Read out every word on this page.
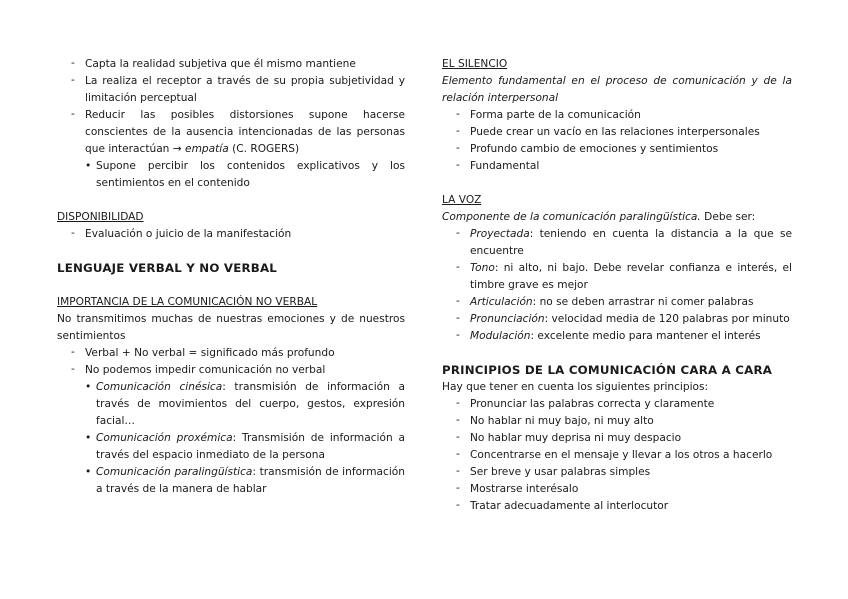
- Capta la realidad subjetiva que él mismo mantiene
- La realiza el receptor a través de su propia subjetividad y limitación perceptual
- Reducir las posibles distorsiones supone hacerse conscientes de la ausencia intencionadas de las personas que interactúan → empatía (C. ROGERS)
• Supone percibir los contenidos explicativos y los sentimientos en el contenido

DISPONIBILIDAD

- Evaluación o juicio de la manifestación

LENGUAJE VERBAL Y NO VERBAL

IMPORTANCIA DE LA COMUNICACIÓN NO VERBAL

No transmitimos muchas de nuestras emociones y de nuestros sentimientos

- Verbal + No verbal = significado más profundo
- No podemos impedir comunicación no verbal
• Comunicación cinésica: transmisión de información a través de movimientos del cuerpo, gestos, expresión facial…
• Comunicación proxémica: Transmisión de información a través del espacio inmediato de la persona
• Comunicación paralingüística: transmisión de información a través de la manera de hablar

EL SILENCIO

Elemento fundamental en el proceso de comunicación y de la relación interpersonal

- Forma parte de la comunicación
- Puede crear un vacío en las relaciones interpersonales
- Profundo cambio de emociones y sentimientos
- Fundamental

LA VOZ

Componente de la comunicación paralingüística. Debe ser:

- Proyectada: teniendo en cuenta la distancia a la que se encuentre
- Tono: ni alto, ni bajo. Debe revelar confianza e interés, el timbre grave es mejor
- Articulación: no se deben arrastrar ni comer palabras
- Pronunciación: velocidad media de 120 palabras por minuto
- Modulación: excelente medio para mantener el interés

PRINCIPIOS DE LA COMUNICACIÓN CARA A CARA

Hay que tener en cuenta los siguientes principios:

- Pronunciar las palabras correcta y claramente
- No hablar ni muy bajo, ni muy alto
- No hablar muy deprisa ni muy despacio
- Concentrarse en el mensaje y llevar a los otros a hacerlo
- Ser breve y usar palabras simples
- Mostrarse interésalo
- Tratar adecuadamente al interlocutor
